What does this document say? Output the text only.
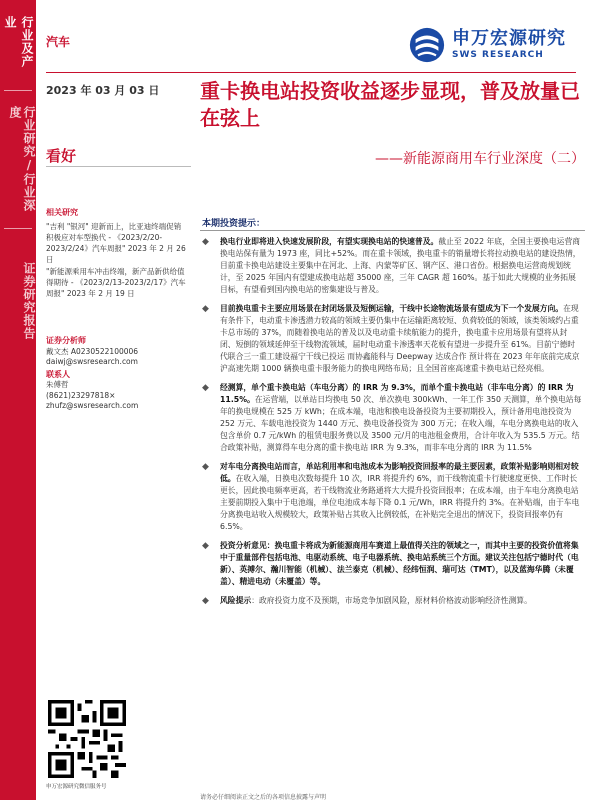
行业及产业
行业研究/行业深度
证券研究报告
汽车	申万宏源研究
SWS RESEARCH
2023 年 03 月 03 日
看好
重卡换电站投资收益逐步显现，普及放量已在弦上
——新能源商用车行业深度（二）
相关研究
"吉利 "银河" 迎新而上，比亚迪终端促销 积极应对车型换代 - 《2023/2/20-2023/2/24》汽车周报" 2023 年 2 月 26 日
"新能源乘用车冲击终端，新产品新供给值 得期待 - 《2023/2/13-2023/2/17》汽车周报" 2023 年 2 月 19 日
证券分析师
戴文杰 A0230522100006
daiwj@swsresearch.com
联系人
朱傅哲
(8621)23297818×
zhufz@swsresearch.com
申万宏源研究微信服务号
本期投资提示：
◆ 换电行业即将进入快速发展阶段，有望实现换电站的快速普及。截止至 2022 年底，全国主要换电运营商换电站保有量为 1973 座，同比+52%。而在重卡领域，换电重卡的销量增长将拉动换电站的建设热情，目前重卡换电站建设主要集中在河北、上海、内蒙等矿区、钢产区、港口省份。根据换电运营商规划统计，至 2025 年国内有望建成换电站超 35000 座，三年 CAGR 超 160%。基于如此大规模的业务拓展目标，有望看到国内换电站的密集建设与普及。
◆ 目前换电重卡主要应用场景在封闭场景及短倒运输，干线中长途物流场景有望成为下一个发展方向。在现有条件下，电动重卡渗透潜力较高的领域主要仍集中在运输距离较短、负荷较低的领域，该类领域约占重卡总市场的 37%，而随着换电站的普及以及电动重卡续航能力的提升，换电重卡应用场景有望将从封闭、短倒的领域延伸至干线物流领域，届时电动重卡渗透率天花板有望进一步提升至 61%。目前宁德时代联合三一重工建设福宁干线已投运 而协鑫能科与 Deepway 达成合作 预计将在 2023 年年底前完成京沪高速先期 1000 辆换电重卡服务能力的换电网络布局；且全国首座高速重卡换电站已经亮相。
◆ 经测算，单个重卡换电站（车电分离）的 IRR 为 9.3%，而单个重卡换电站（非车电分离）的 IRR 为 11.5%。在运营端，以单站日均换电 50 次、单次换电 300kWh、一年工作 350 天测算，单个换电站每年的换电规模在 525 万 kWh；在成本端，电池和换电设备投资为主要初期投入，预计备用电池投资为 252 万元、车载电池投资为 1440 万元、换电设备投资为 300 万元；在收入端，车电分离换电站的收入包含单价 0.7 元/kWh 的租赁电服务费以及 3500 元/月的电池租金费用，合计年收入为 535.5 万元。结合政策补贴，测算得车电分离的重卡换电站 IRR 为 9.3%，而非车电分离的 IRR 为 11.5%
◆ 对车电分离换电站而言，单站利用率和电池成本为影响投资回报率的最主要因素，政策补贴影响则相对较低。在收入端，日换电次数每提升 10 次，IRR 将提升约 6%，而干线物流重卡行驶速度更快、工作时长更长，因此换电频率更高，若干线物流业务路通将大大提升投资回报率；在成本端，由于车电分离换电站主要前期投入集中于电池端，单位电池成本每下降 0.1 元/Wh，IRR 将提升约 3%。在补贴端，由于车电分离换电站收入规模较大，政策补贴占其收入比例较低，在补贴完全退出的情况下，投资回报率仍有 6.5%。
◆ 投资分析意见：换电重卡将成为新能源商用车赛道上最值得关注的领域之一，而其中主要的投资价值将集中于重量部件包括电池、电驱动系统、电子电器系统、换电站系统三个方面。建议关注包括宁德时代（电新）、英搏尔、瀚川智能（机械）、法兰泰克（机械）、经纬恒润、瑞可达（TMT），以及蓝海华腾（未覆盖）、精进电动（未覆盖）等。
◆ 风险提示：政府投资力度不及预期，市场竞争加剧风险，原材料价格波动影响经济性测算。
请务必仔细阅读正文之后的各项信息披露与声明
